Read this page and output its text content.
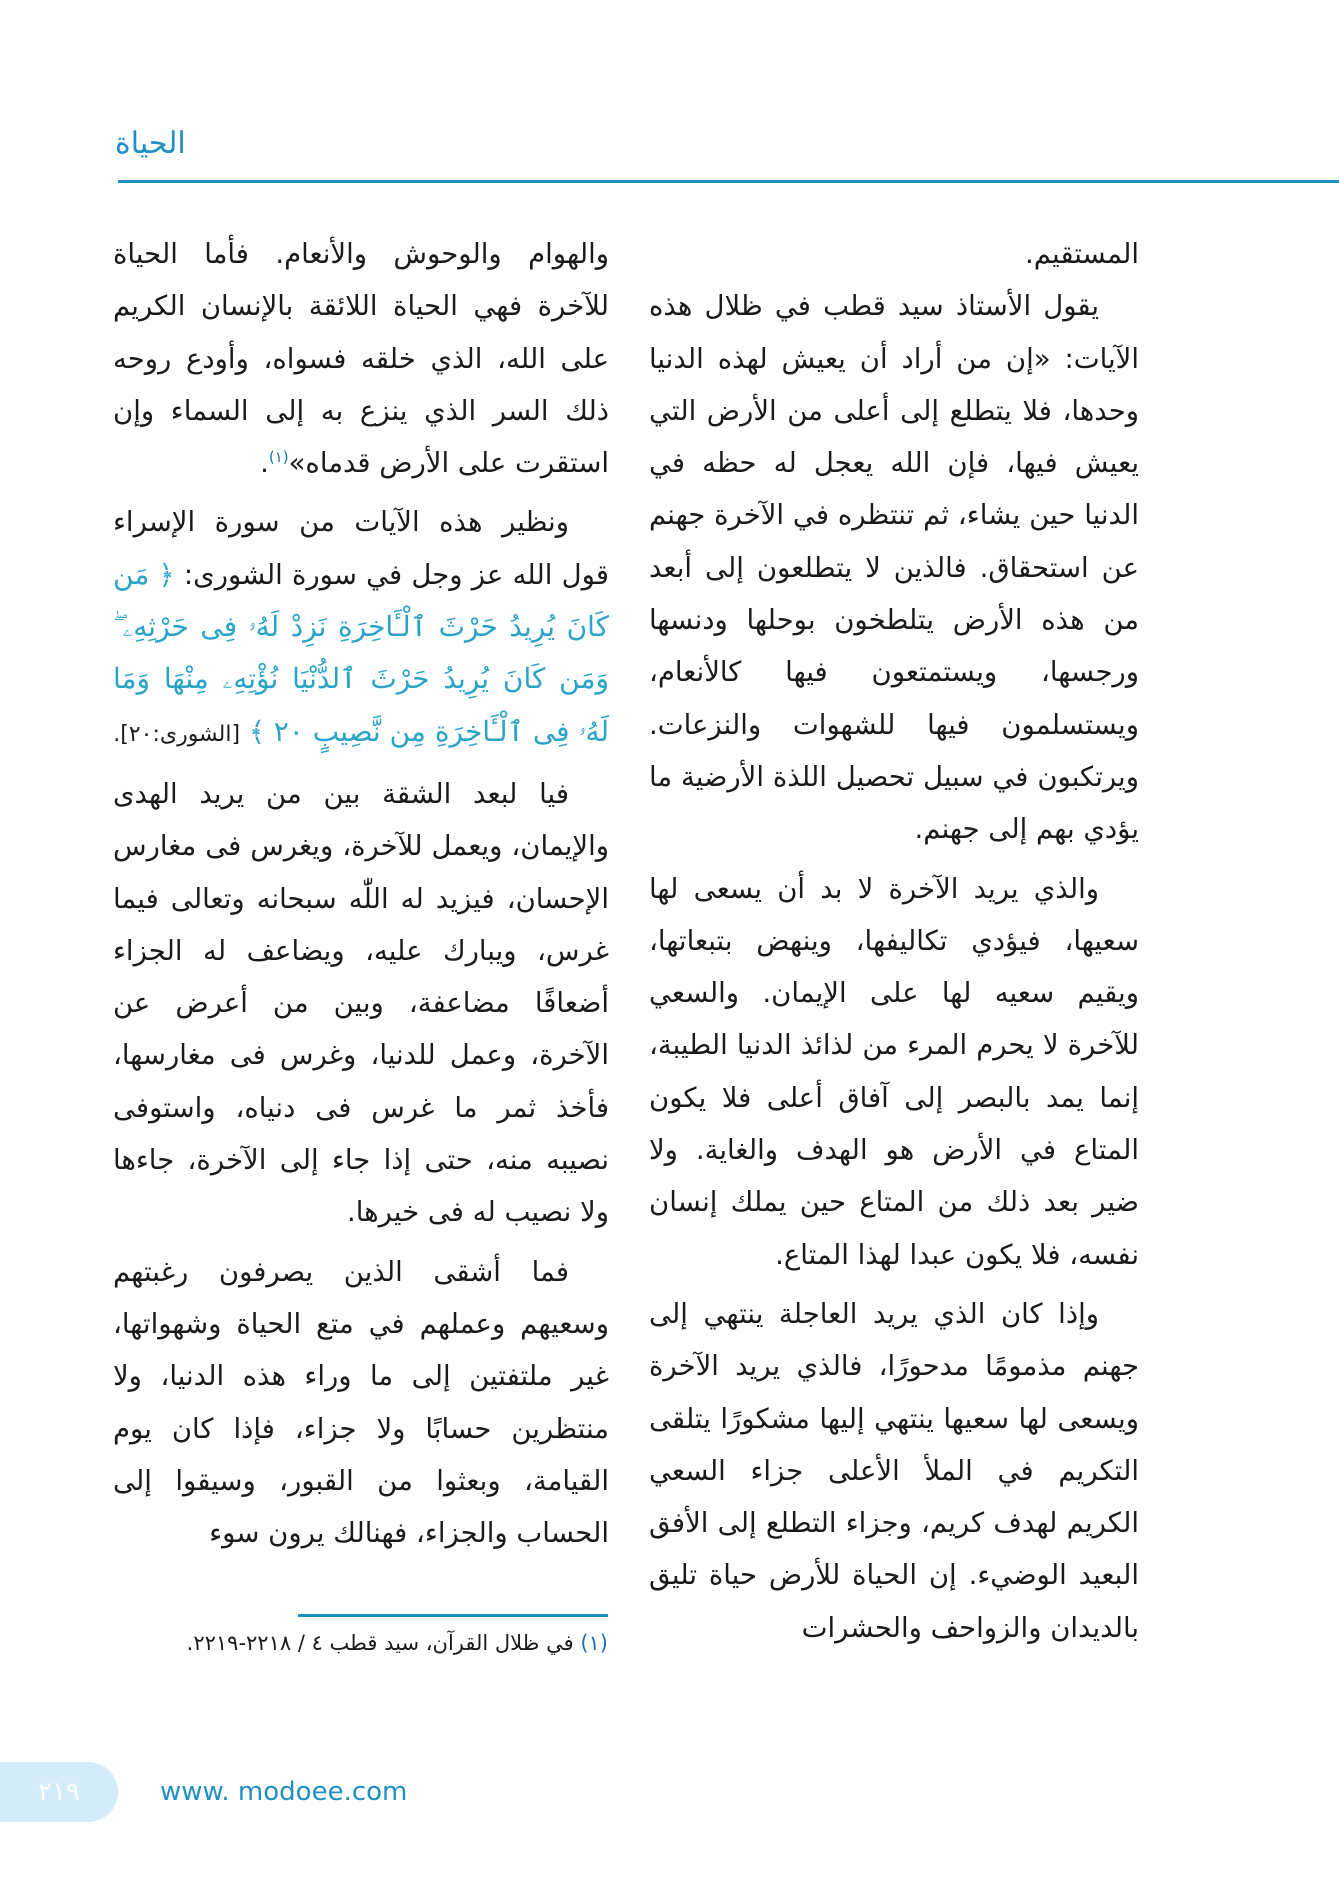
الحياة

المستقيم.

يقول الأستاذ سيد قطب في ظلال هذه الآيات: «إن من أراد أن يعيش لهذه الدنيا وحدها، فلا يتطلع إلى أعلى من الأرض التي يعيش فيها، فإن الله يعجل له حظه في الدنيا حين يشاء، ثم تنتظره في الآخرة جهنم عن استحقاق. فالذين لا يتطلعون إلى أبعد من هذه الأرض يتلطخون بوحلها ودنسها ورجسها، ويستمتعون فيها كالأنعام، ويستسلمون فيها للشهوات والنزعات. ويرتكبون في سبيل تحصيل اللذة الأرضية ما يؤدي بهم إلى جهنم.

والذي يريد الآخرة لا بد أن يسعى لها سعيها، فيؤدي تكاليفها، وينهض بتبعاتها، ويقيم سعيه لها على الإيمان. والسعي للآخرة لا يحرم المرء من لذائذ الدنيا الطيبة، إنما يمد بالبصر إلى آفاق أعلى فلا يكون المتاع في الأرض هو الهدف والغاية. ولا ضير بعد ذلك من المتاع حين يملك إنسان نفسه، فلا يكون عبدا لهذا المتاع.

وإذا كان الذي يريد العاجلة ينتهي إلى جهنم مذمومًا مدحورًا، فالذي يريد الآخرة ويسعى لها سعيها ينتهي إليها مشكورًا يتلقى التكريم في الملأ الأعلى جزاء السعي الكريم لهدف كريم، وجزاء التطلع إلى الأفق البعيد الوضيء. إن الحياة للأرض حياة تليق بالديدان والزواحف والحشرات

والهوام والوحوش والأنعام. فأما الحياة للآخرة فهي الحياة اللائقة بالإنسان الكريم على الله، الذي خلقه فسواه، وأودع روحه ذلك السر الذي ينزع به إلى السماء وإن استقرت على الأرض قدماه»$^{(١)}$.

ونظير هذه الآيات من سورة الإسراء قول الله عز وجل في سورة الشورى: ﴿ مَن كَانَ يُرِيدُ حَرْثَ ٱلْـَٔاخِرَةِ نَزِدْ لَهُۥ فِى حَرْثِهِۦ ۖ وَمَن كَانَ يُرِيدُ حَرْثَ ٱلدُّنْيَا نُؤْتِهِۦ مِنْهَا وَمَا لَهُۥ فِى ٱلْـَٔاخِرَةِ مِن نَّصِيبٍ ٢٠ ﴾ [الشورى:٢٠].

فيا لبعد الشقة بين من يريد الهدى والإيمان، ويعمل للآخرة، ويغرس فى مغارس الإحسان، فيزيد له اللّٰه سبحانه وتعالى فيما غرس، ويبارك عليه، ويضاعف له الجزاء أضعافًا مضاعفة، وبين من أعرض عن الآخرة، وعمل للدنيا، وغرس فى مغارسها، فأخذ ثمر ما غرس فى دنياه، واستوفى نصيبه منه، حتى إذا جاء إلى الآخرة، جاءها ولا نصيب له فى خيرها.

فما أشقى الذين يصرفون رغبتهم وسعيهم وعملهم في متع الحياة وشهواتها، غير ملتفتين إلى ما وراء هذه الدنيا، ولا منتظرين حسابًا ولا جزاء، فإذا كان يوم القيامة، وبعثوا من القبور، وسيقوا إلى الحساب والجزاء، فهنالك يرون سوء

(١) في ظلال القرآن، سيد قطب ٤ / ٢٢١٨-٢٢١٩.
٢١٩	www. modoee.com
